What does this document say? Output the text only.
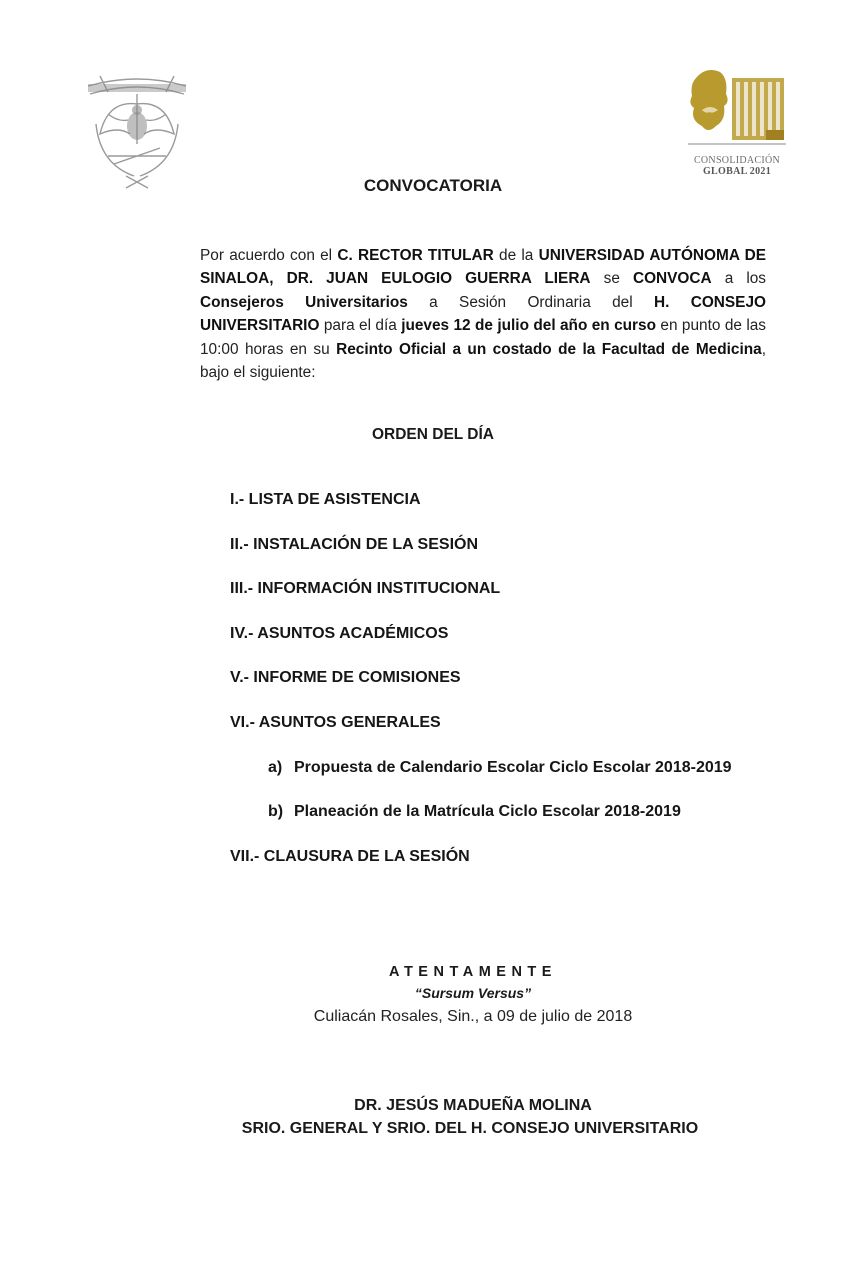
CONSOLIDACIÓN
GLOBAL 2021
CONVOCATORIA
Por acuerdo con el C. RECTOR TITULAR de la UNIVERSIDAD AUTÓNOMA DE SINALOA, DR. JUAN EULOGIO GUERRA LIERA se CONVOCA a los Consejeros Universitarios a Sesión Ordinaria del H. CONSEJO UNIVERSITARIO para el día jueves 12 de julio del año en curso en punto de las 10:00 horas en su Recinto Oficial a un costado de la Facultad de Medicina, bajo el siguiente:
ORDEN DEL DÍA
I.- LISTA DE ASISTENCIA
II.- INSTALACIÓN DE LA SESIÓN
III.- INFORMACIÓN INSTITUCIONAL
IV.- ASUNTOS ACADÉMICOS
V.- INFORME DE COMISIONES
VI.- ASUNTOS GENERALES
a) Propuesta de Calendario Escolar Ciclo Escolar 2018-2019
b) Planeación de la Matrícula Ciclo Escolar 2018-2019
VII.- CLAUSURA DE LA SESIÓN
ATENTAMENTE
“Sursum Versus”
Culiacán Rosales, Sin., a 09 de julio de 2018
DR. JESÚS MADUEÑA MOLINA
SRIO. GENERAL Y SRIO. DEL H. CONSEJO UNIVERSITARIO
